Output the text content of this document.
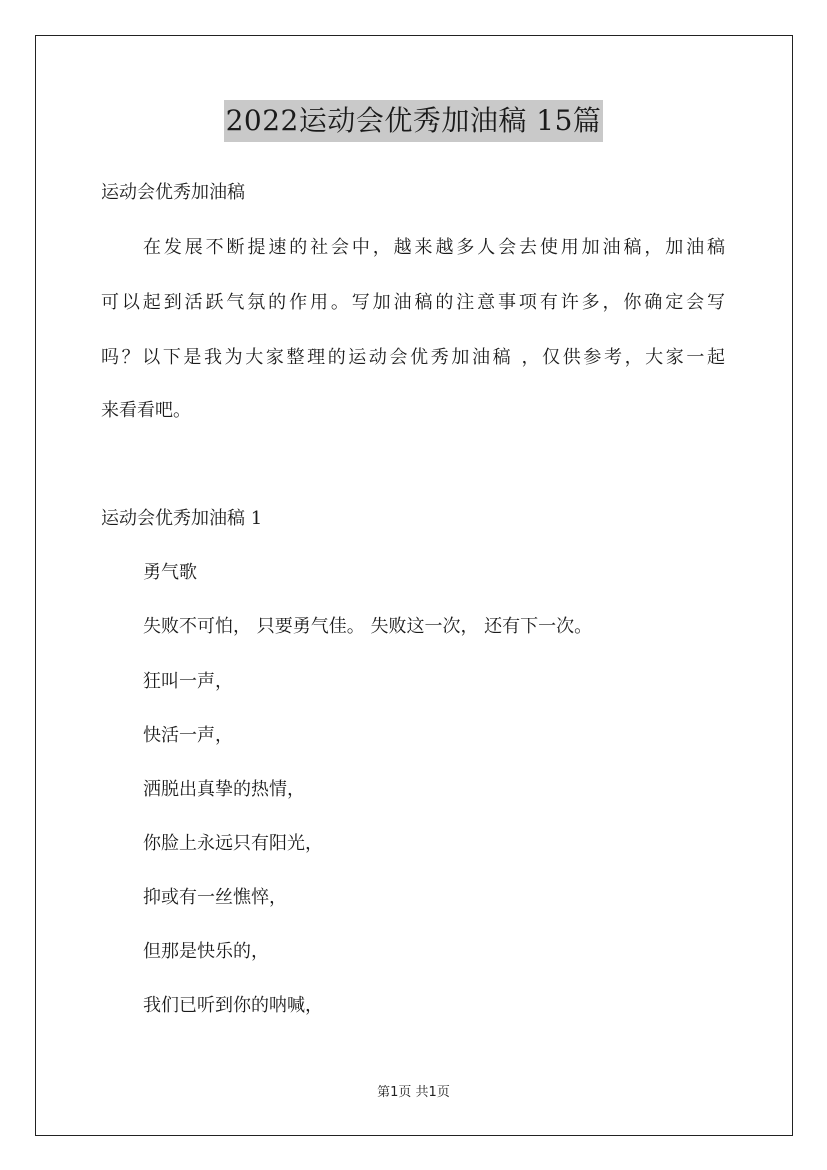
2022运动会优秀加油稿 15篇
运动会优秀加油稿
在发展不断提速的社会中，越来越多人会去使用加油稿，加油稿
可以起到活跃气氛的作用。写加油稿的注意事项有许多，你确定会写
吗？以下是我为大家整理的运动会优秀加油稿 ，仅供参考，大家一起
来看看吧。
运动会优秀加油稿 1
勇气歌
失败不可怕， 只要勇气佳。 失败这一次， 还有下一次。
狂叫一声，
快活一声，
洒脱出真挚的热情，
你脸上永远只有阳光，
抑或有一丝憔悴，
但那是快乐的，
我们已听到你的呐喊，
第1页 共1页
